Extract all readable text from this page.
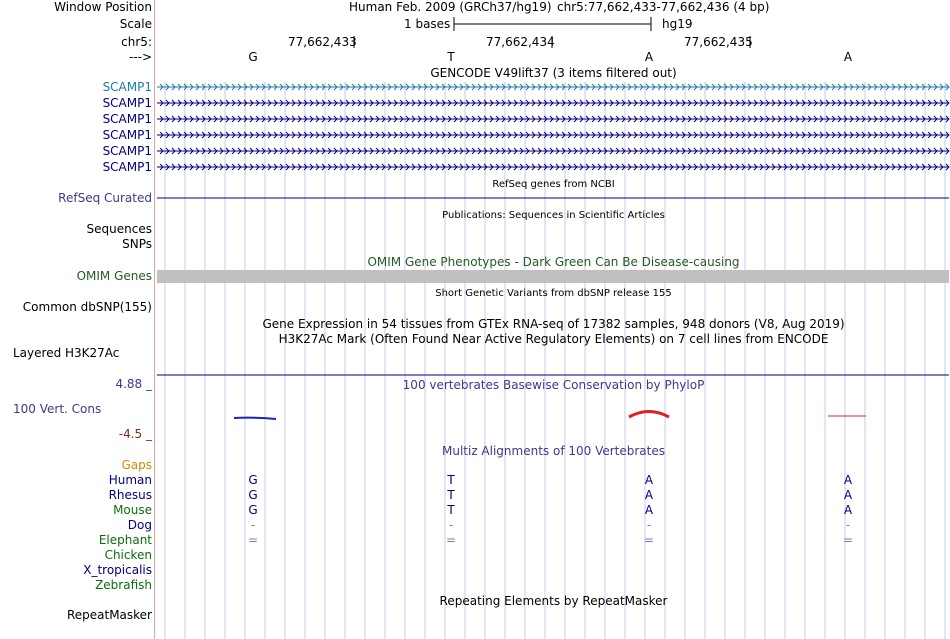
Window Position	Human Feb. 2009 (GRCh37/hg19) chr5:77,662,433-77,662,436 (4 bp)
Scale	1 bases	hg19
chr5:	77,662,433	77,662,434	77,662,435
--->	G	T	A	A
GENCODE V49lift37 (3 items filtered out)
SCAMP1
SCAMP1
SCAMP1
SCAMP1
SCAMP1
SCAMP1
RefSeq genes from NCBI
RefSeq Curated
Publications: Sequences in Scientific Articles
Sequences
SNPs
OMIM Gene Phenotypes - Dark Green Can Be Disease-causing
OMIM Genes
Short Genetic Variants from dbSNP release 155
Common dbSNP(155)
Gene Expression in 54 tissues from GTEx RNA-seq of 17382 samples, 948 donors (V8, Aug 2019)
H3K27Ac Mark (Often Found Near Active Regulatory Elements) on 7 cell lines from ENCODE
Layered H3K27Ac
100 vertebrates Basewise Conservation by PhyloP
4.88 _
100 Vert. Cons
-4.5 _
Multiz Alignments of 100 Vertebrates
Gaps
Human	G	T	A	A
Rhesus	G	T	A	A
Mouse	G	T	A	A
Dog	-	-	-	-
Elephant	=	=	=	=
Chicken
X_tropicalis
Zebrafish
Repeating Elements by RepeatMasker
RepeatMasker
